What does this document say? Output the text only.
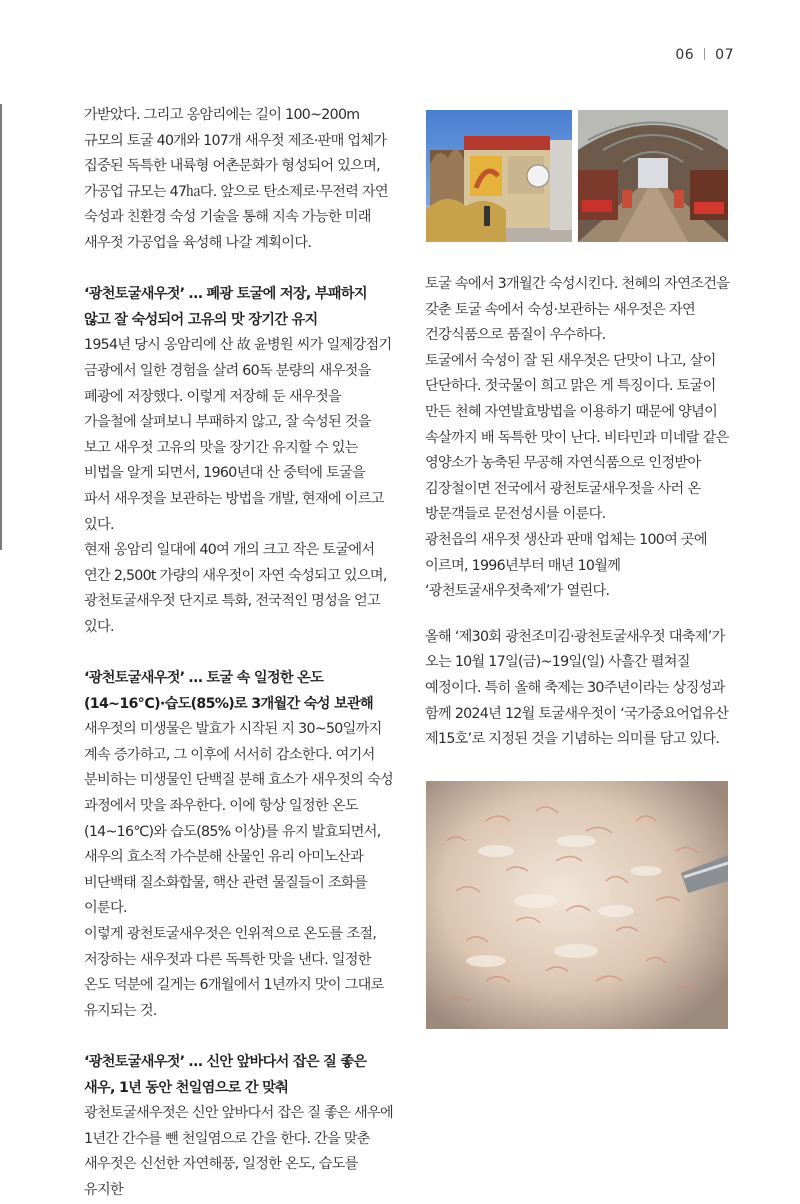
06 07

가받았다. 그리고 옹암리에는 길이 100~200m 규모의 토굴 40개와 107개 새우젓 제조·판매 업체가 집중된 독특한 내륙형 어촌문화가 형성되어 있으며, 가공업 규모는 47㏊다. 앞으로 탄소제로·무전력 자연 숙성과 친환경 숙성 기술을 통해 지속 가능한 미래 새우젓 가공업을 육성해 나갈 계획이다.

‘광천토굴새우젓’ … 폐광 토굴에 저장, 부패하지 않고 잘 숙성되어 고유의 맛 장기간 유지

1954년 당시 옹암리에 산 故 윤병원 씨가 일제강점기 금광에서 일한 경험을 살려 60독 분량의 새우젓을 폐광에 저장했다. 이렇게 저장해 둔 새우젓을 가을철에 살펴보니 부패하지 않고, 잘 숙성된 것을 보고 새우젓 고유의 맛을 장기간 유지할 수 있는 비법을 알게 되면서, 1960년대 산 중턱에 토굴을 파서 새우젓을 보관하는 방법을 개발, 현재에 이르고 있다.

현재 옹암리 일대에 40여 개의 크고 작은 토굴에서 연간 2,500t 가량의 새우젓이 자연 숙성되고 있으며, 광천토굴새우젓 단지로 특화, 전국적인 명성을 얻고 있다.

‘광천토굴새우젓’ … 토굴 속 일정한 온도(14~16℃)·습도(85%)로 3개월간 숙성 보관해

새우젓의 미생물은 발효가 시작된 지 30~50일까지 계속 증가하고, 그 이후에 서서히 감소한다. 여기서 분비하는 미생물인 단백질 분해 효소가 새우젓의 숙성 과정에서 맛을 좌우한다. 이에 항상 일정한 온도(14~16℃)와 습도(85% 이상)를 유지 발효되면서, 새우의 효소적 가수분해 산물인 유리 아미노산과 비단백태 질소화합물, 핵산 관련 물질들이 조화를 이룬다.

이렇게 광천토굴새우젓은 인위적으로 온도를 조절, 저장하는 새우젓과 다른 독특한 맛을 낸다. 일정한 온도 덕분에 길게는 6개월에서 1년까지 맛이 그대로 유지되는 것.

‘광천토굴새우젓’ … 신안 앞바다서 잡은 질 좋은 새우, 1년 동안 천일염으로 간 맞춰

광천토굴새우젓은 신안 앞바다서 잡은 질 좋은 새우에 1년간 간수를 뺀 천일염으로 간을 한다. 간을 맞춘 새우젓은 신선한 자연해풍, 일정한 온도, 습도를 유지한

토굴 속에서 3개월간 숙성시킨다. 천혜의 자연조건을 갖춘 토굴 속에서 숙성·보관하는 새우젓은 자연 건강식품으로 품질이 우수하다.

토굴에서 숙성이 잘 된 새우젓은 단맛이 나고, 살이 단단하다. 젓국물이 희고 맑은 게 특징이다. 토굴이 만든 천혜 자연발효방법을 이용하기 때문에 양념이 속살까지 배 독특한 맛이 난다. 비타민과 미네랄 같은 영양소가 농축된 무공해 자연식품으로 인정받아 김장철이면 전국에서 광천토굴새우젓을 사러 온 방문객들로 문전성시를 이룬다.

광천읍의 새우젓 생산과 판매 업체는 100여 곳에 이르며, 1996년부터 매년 10월께 ‘광천토굴새우젓축제’가 열린다.

올해 ‘제30회 광천조미김·광천토굴새우젓 대축제’가 오는 10월 17일(금)~19일(일) 사흘간 펼쳐질 예정이다. 특히 올해 축제는 30주년이라는 상징성과 함께 2024년 12월 토굴새우젓이 ‘국가중요어업유산 제15호’로 지정된 것을 기념하는 의미를 담고 있다.
